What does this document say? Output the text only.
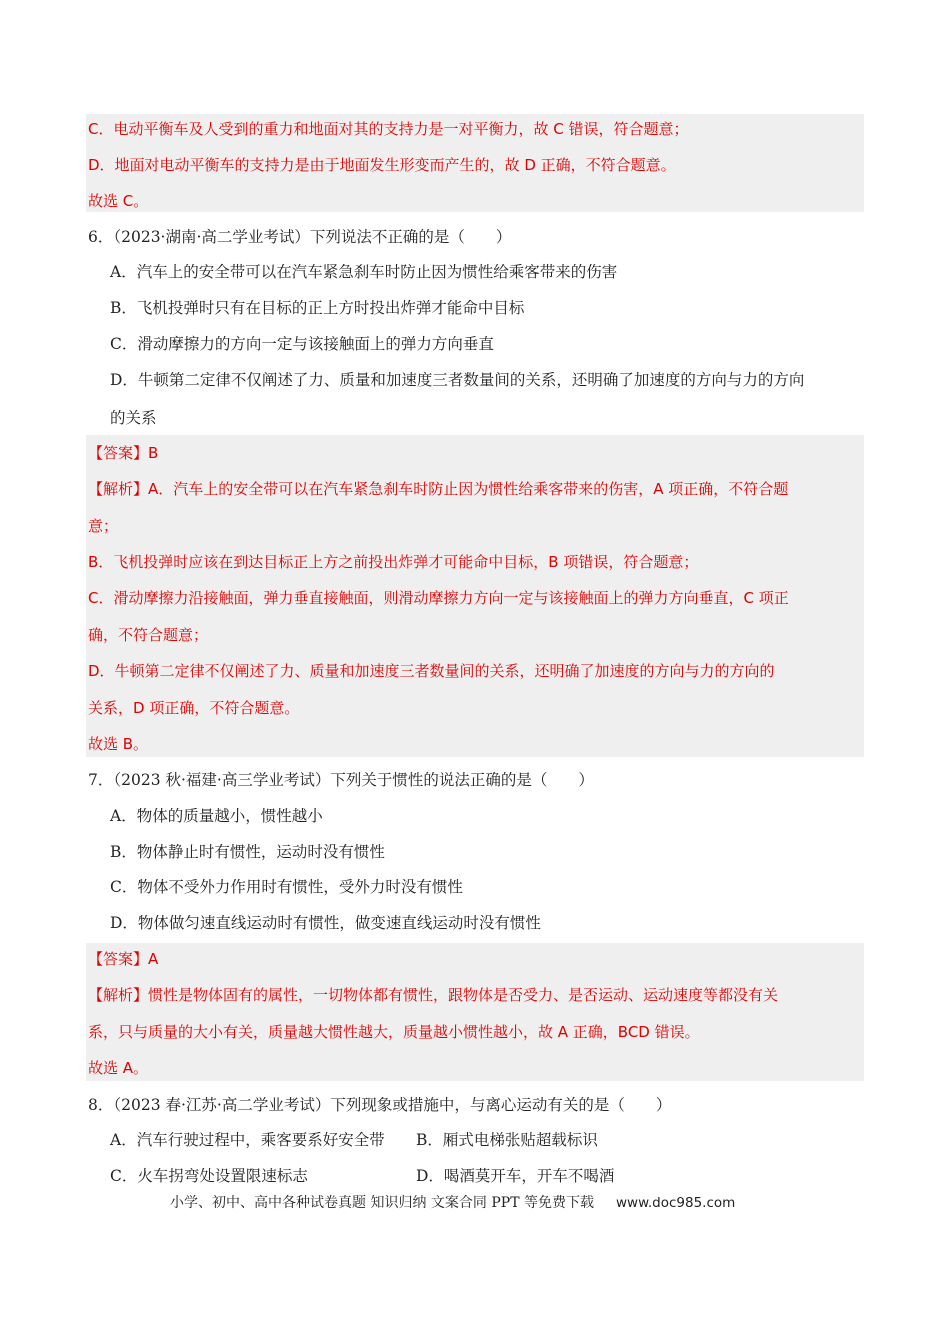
C．电动平衡车及人受到的重力和地面对其的支持力是一对平衡力，故 C 错误，符合题意；
D．地面对电动平衡车的支持力是由于地面发生形变而产生的，故 D 正确，不符合题意。
故选 C。
6．（2023·湖南·高二学业考试）下列说法不正确的是（　　）
A．汽车上的安全带可以在汽车紧急刹车时防止因为惯性给乘客带来的伤害
B．飞机投弹时只有在目标的正上方时投出炸弹才能命中目标
C．滑动摩擦力的方向一定与该接触面上的弹力方向垂直
D．牛顿第二定律不仅阐述了力、质量和加速度三者数量间的关系，还明确了加速度的方向与力的方向
的关系
【答案】B
【解析】A．汽车上的安全带可以在汽车紧急刹车时防止因为惯性给乘客带来的伤害，A 项正确，不符合题
意；
B．飞机投弹时应该在到达目标正上方之前投出炸弹才可能命中目标，B 项错误，符合题意；
C．滑动摩擦力沿接触面，弹力垂直接触面，则滑动摩擦力方向一定与该接触面上的弹力方向垂直，C 项正
确，不符合题意；
D．牛顿第二定律不仅阐述了力、质量和加速度三者数量间的关系，还明确了加速度的方向与力的方向的
关系，D 项正确，不符合题意。
故选 B。
7．（2023 秋·福建·高三学业考试）下列关于惯性的说法正确的是（　　）
A．物体的质量越小，惯性越小
B．物体静止时有惯性，运动时没有惯性
C．物体不受外力作用时有惯性，受外力时没有惯性
D．物体做匀速直线运动时有惯性，做变速直线运动时没有惯性
【答案】A
【解析】惯性是物体固有的属性，一切物体都有惯性，跟物体是否受力、是否运动、运动速度等都没有关
系，只与质量的大小有关，质量越大惯性越大，质量越小惯性越小，故 A 正确，BCD 错误。
故选 A。
8．（2023 春·江苏·高二学业考试）下列现象或措施中，与离心运动有关的是（　　）
A．汽车行驶过程中，乘客要系好安全带 B．厢式电梯张贴超载标识
C．火车拐弯处设置限速标志	D．喝酒莫开车，开车不喝酒
小学、初中、高中各种试卷真题 知识归纳 文案合同 PPT 等免费下载 www.doc985.com
